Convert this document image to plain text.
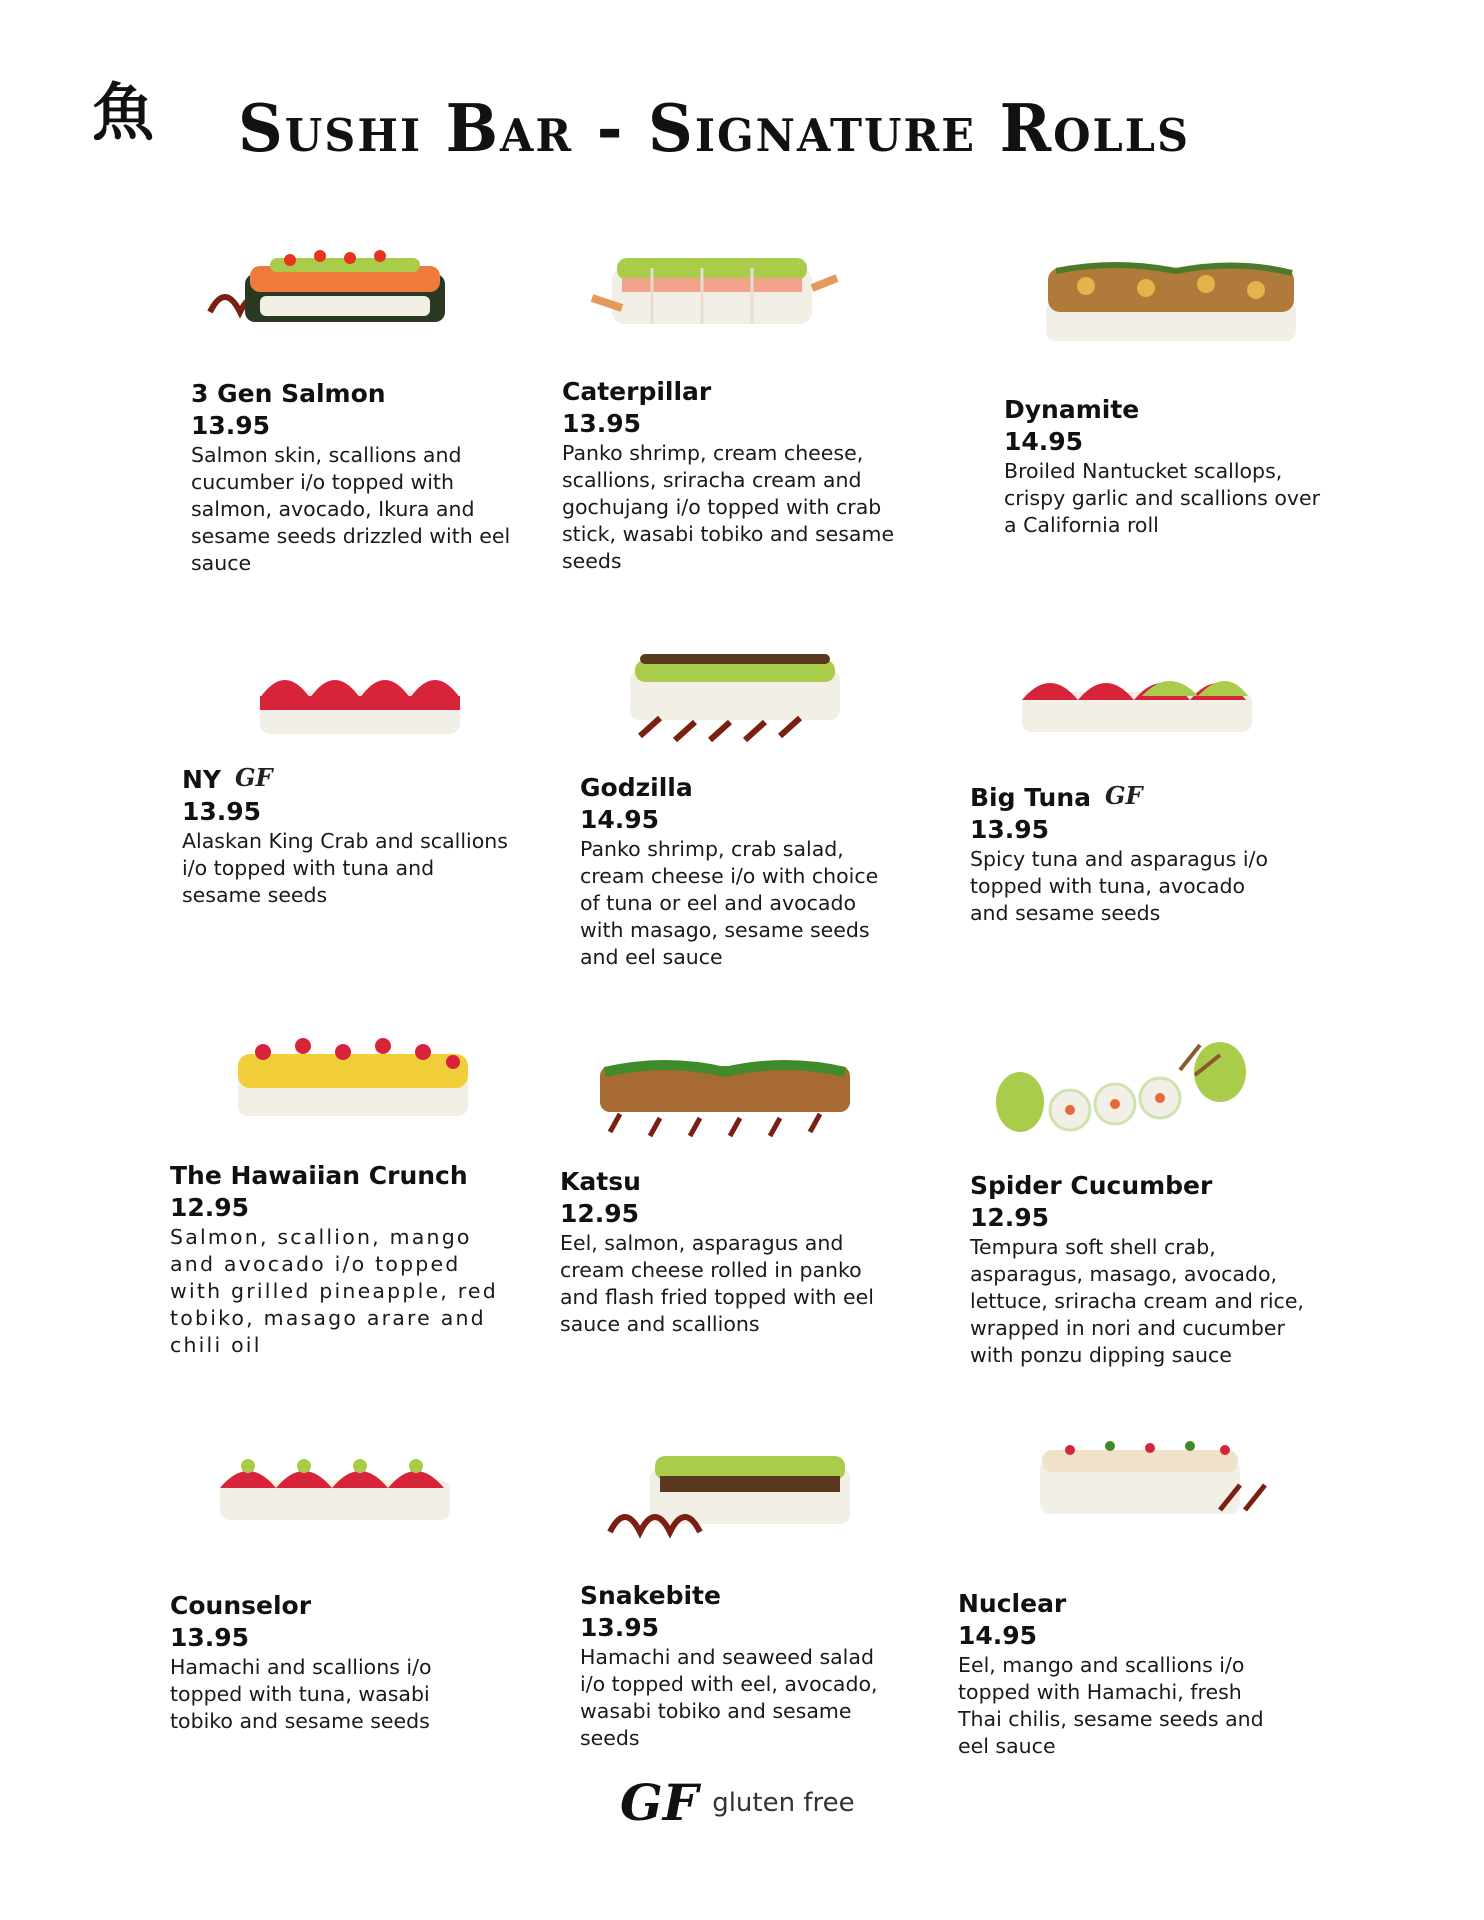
魚 Sushi Bar - Signature Rolls
3 Gen Salmon
13.95
Salmon skin, scallions and
cucumber i/o topped with
salmon, avocado, Ikura and
sesame seeds drizzled with eel
sauce
Caterpillar
13.95
Panko shrimp, cream cheese,
scallions, sriracha cream and
gochujang i/o topped with crab
stick, wasabi tobiko and sesame
seeds
Dynamite
14.95
Broiled Nantucket scallops,
crispy garlic and scallions over
a California roll
NY GF
13.95
Alaskan King Crab and scallions
i/o topped with tuna and
sesame seeds
Godzilla
14.95
Panko shrimp, crab salad,
cream cheese i/o with choice
of tuna or eel and avocado
with masago, sesame seeds
and eel sauce
Big Tuna GF
13.95
Spicy tuna and asparagus i/o
topped with tuna, avocado
and sesame seeds
The Hawaiian Crunch
12.95
Salmon, scallion, mango
and avocado i/o topped
with grilled pineapple, red
tobiko, masago arare and
chili oil
Katsu
12.95
Eel, salmon, asparagus and
cream cheese rolled in panko
and flash fried topped with eel
sauce and scallions
Spider Cucumber
12.95
Tempura soft shell crab,
asparagus, masago, avocado,
lettuce, sriracha cream and rice,
wrapped in nori and cucumber
with ponzu dipping sauce
Counselor
13.95
Hamachi and scallions i/o
topped with tuna, wasabi
tobiko and sesame seeds
Snakebite
13.95
Hamachi and seaweed salad
i/o topped with eel, avocado,
wasabi tobiko and sesame
seeds
Nuclear
14.95
Eel, mango and scallions i/o
topped with Hamachi, fresh
Thai chilis, sesame seeds and
eel sauce
GF gluten free
